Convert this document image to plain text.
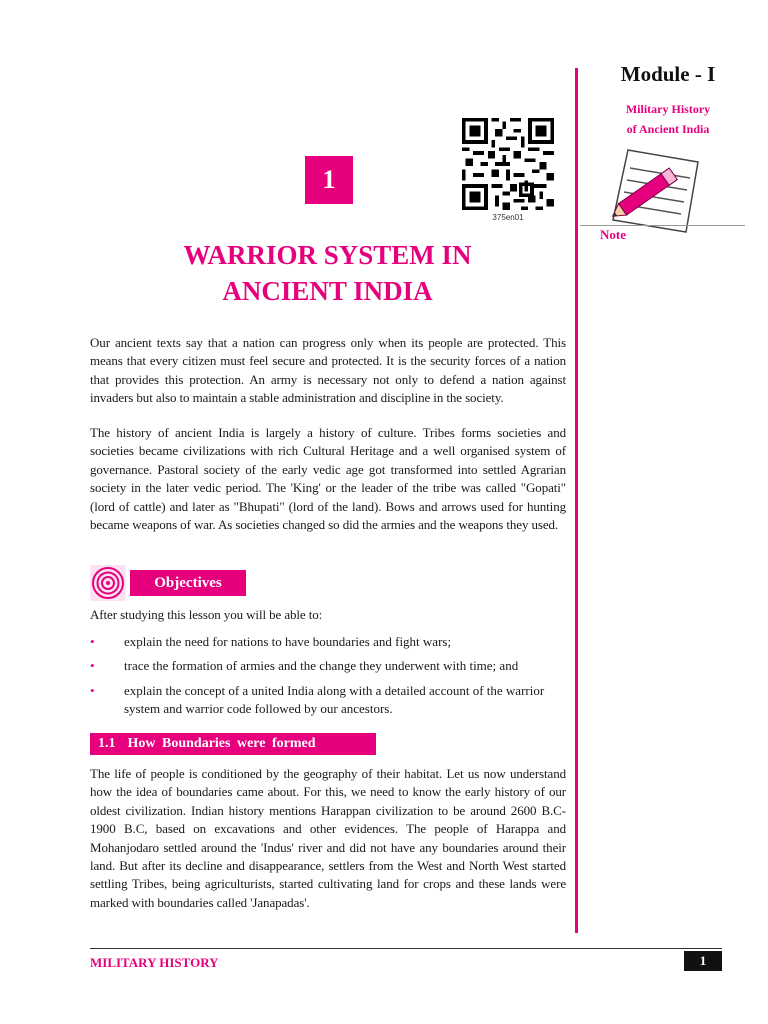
Module - I
Military History
of Ancient India
Note
375en01
1
WARRIOR SYSTEM IN
ANCIENT INDIA

Our ancient texts say that a nation can progress only when its people are protected. This means that every citizen must feel secure and protected. It is the security forces of a nation that provides this protection. An army is necessary not only to defend a nation against invaders but also to maintain a stable administration and discipline in the society.

The history of ancient India is largely a history of culture. Tribes forms societies and societies became civilizations with rich Cultural Heritage and a well organised system of governance. Pastoral society of the early vedic age got transformed into settled Agrarian society in the later vedic period. The 'King' or the leader of the tribe was called "Gopati" (lord of cattle) and later as "Bhupati" (lord of the land). Bows and arrows used for hunting became weapons of war. As societies changed so did the armies and the weapons they used.

Objectives

After studying this lesson you will be able to:

• explain the need for nations to have boundaries and fight wars;
• trace the formation of armies and the change they underwent with time; and
• explain the concept of a united India along with a detailed account of the warrior system and warrior code followed by our ancestors.
1.1 How Boundaries were formed

The life of people is conditioned by the geography of their habitat. Let us now understand how the idea of boundaries came about. For this, we need to know the early history of our oldest civilization. Indian history mentions Harappan civilization to be around 2600 B.C-1900 B.C, based on excavations and other evidences. The people of Harappa and Mohanjodaro settled around the 'Indus' river and did not have any boundaries around their land. But after its decline and disappearance, settlers from the West and North West started settling Tribes, being agriculturists, started cultivating land for crops and these lands were marked with boundaries called 'Janapadas'.

MILITARY HISTORY	1
